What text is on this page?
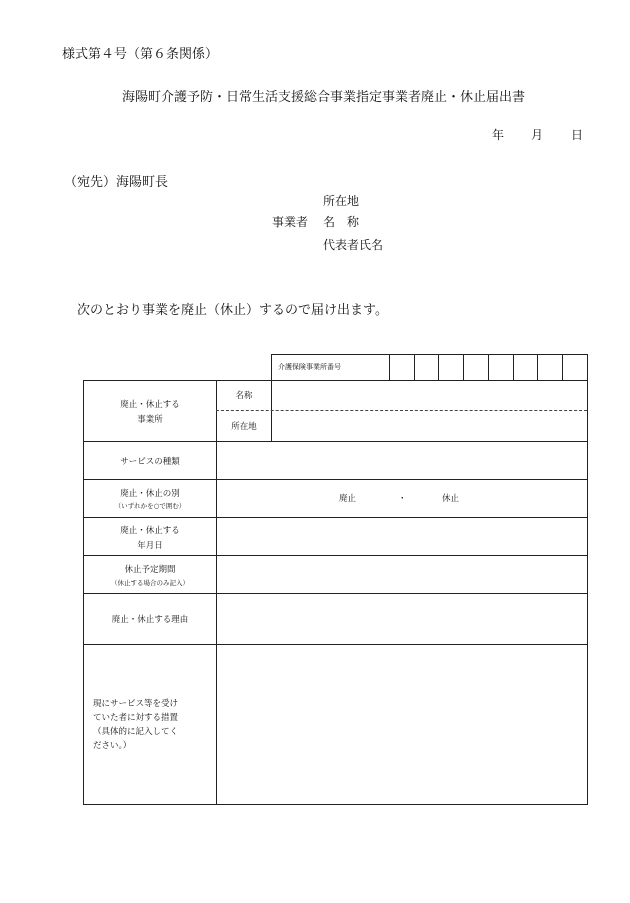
様式第４号（第６条関係）
海陽町介護予防・日常生活支援総合事業指定事業者廃止・休止届出書
年 月 日
（宛先）海陽町長
所在地
事業者 名　称
代表者氏名
次のとおり事業を廃止（休止）するので届け出ます。
介護保険事業所番号
廃止・休止する
事業所
名称
所在地
サービスの種類
廃止・休止の別
（いずれかを○で囲む）
廃止	・	休止
廃止・休止する
年月日
休止予定期間
（休止する場合のみ記入）
廃止・休止する理由
現にサービス等を受け
ていた者に対する措置
（具体的に記入してく
ださい。）
